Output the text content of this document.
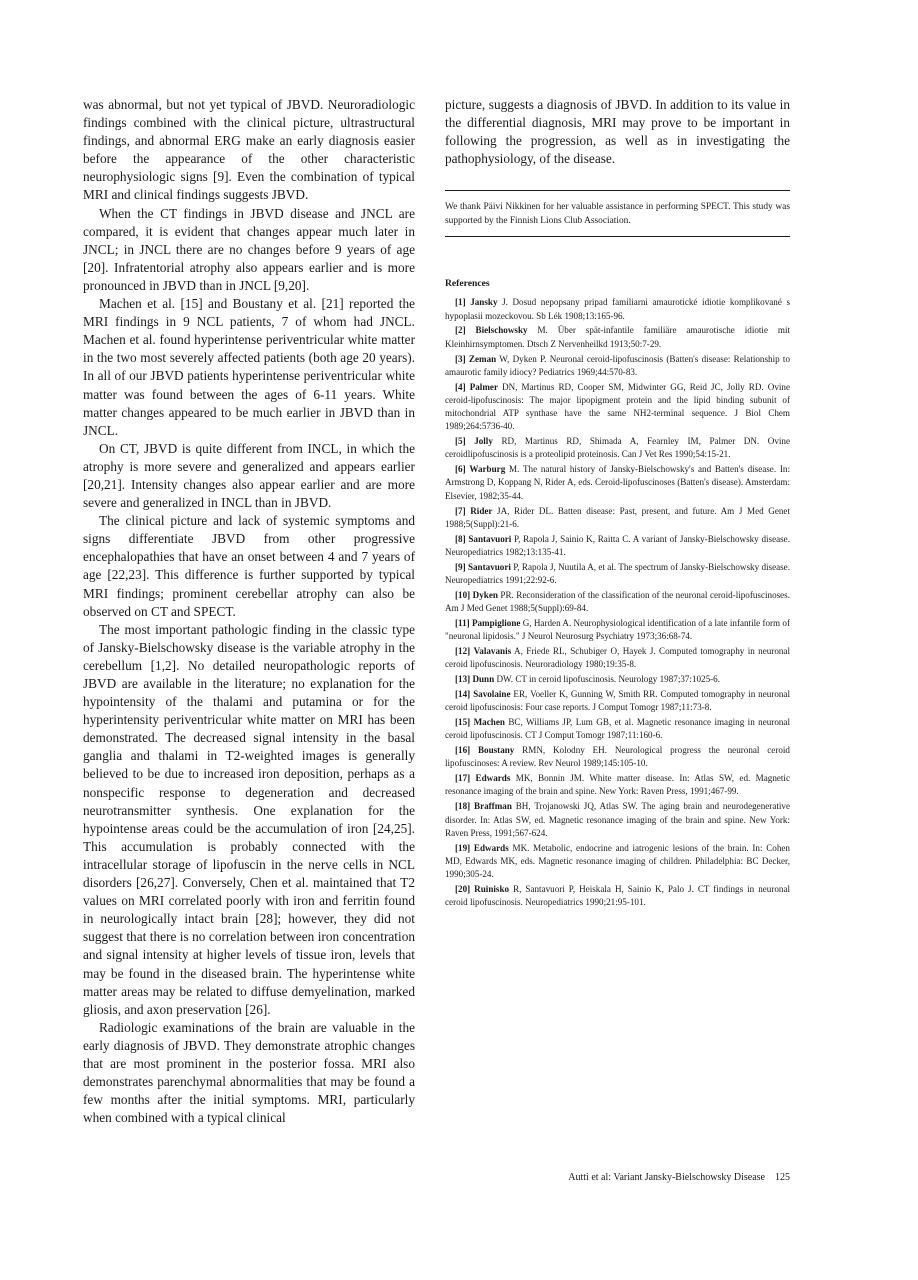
was abnormal, but not yet typical of JBVD. Neuroradiologic findings combined with the clinical picture, ultrastructural findings, and abnormal ERG make an early diagnosis easier before the appearance of the other characteristic neurophysiologic signs [9]. Even the combination of typical MRI and clinical findings suggests JBVD.

When the CT findings in JBVD disease and JNCL are compared, it is evident that changes appear much later in JNCL; in JNCL there are no changes before 9 years of age [20]. Infratentorial atrophy also appears earlier and is more pronounced in JBVD than in JNCL [9,20].

Machen et al. [15] and Boustany et al. [21] reported the MRI findings in 9 NCL patients, 7 of whom had JNCL. Machen et al. found hyperintense periventricular white matter in the two most severely affected patients (both age 20 years). In all of our JBVD patients hyperintense periventricular white matter was found between the ages of 6-11 years. White matter changes appeared to be much earlier in JBVD than in JNCL.

On CT, JBVD is quite different from INCL, in which the atrophy is more severe and generalized and appears earlier [20,21]. Intensity changes also appear earlier and are more severe and generalized in INCL than in JBVD.

The clinical picture and lack of systemic symptoms and signs differentiate JBVD from other progressive encephalopathies that have an onset between 4 and 7 years of age [22,23]. This difference is further supported by typical MRI findings; prominent cerebellar atrophy can also be observed on CT and SPECT.

The most important pathologic finding in the classic type of Jansky-Bielschowsky disease is the variable atrophy in the cerebellum [1,2]. No detailed neuropathologic reports of JBVD are available in the literature; no explanation for the hypointensity of the thalami and putamina or for the hyperintensity periventricular white matter on MRI has been demonstrated. The decreased signal intensity in the basal ganglia and thalami in T2-weighted images is generally believed to be due to increased iron deposition, perhaps as a nonspecific response to degeneration and decreased neurotransmitter synthesis. One explanation for the hypointense areas could be the accumulation of iron [24,25]. This accumulation is probably connected with the intracellular storage of lipofuscin in the nerve cells in NCL disorders [26,27]. Conversely, Chen et al. maintained that T2 values on MRI correlated poorly with iron and ferritin found in neurologically intact brain [28]; however, they did not suggest that there is no correlation between iron concentration and signal intensity at higher levels of tissue iron, levels that may be found in the diseased brain. The hyperintense white matter areas may be related to diffuse demyelination, marked gliosis, and axon preservation [26].

Radiologic examinations of the brain are valuable in the early diagnosis of JBVD. They demonstrate atrophic changes that are most prominent in the posterior fossa. MRI also demonstrates parenchymal abnormalities that may be found a few months after the initial symptoms. MRI, particularly when combined with a typical clinical

picture, suggests a diagnosis of JBVD. In addition to its value in the differential diagnosis, MRI may prove to be important in following the progression, as well as in investigating the pathophysiology, of the disease.

We thank Päivi Nikkinen for her valuable assistance in performing SPECT. This study was supported by the Finnish Lions Club Association.
References

[1] Jansky J. Dosud nepopsany pripad familiarni amaurotické idiotie komplikované s hypoplasii mozeckovou. Sb Lék 1908;13:165-96.

[2] Bielschowsky M. Über spät-infantile familiäre amaurotische idiotie mit Kleinhirnsymptomen. Dtsch Z Nervenheilkd 1913;50:7-29.

[3] Zeman W, Dyken P. Neuronal ceroid-lipofuscinosis (Batten's disease: Relationship to amaurotic family idiocy? Pediatrics 1969;44:570-83.

[4] Palmer DN, Martinus RD, Cooper SM, Midwinter GG, Reid JC, Jolly RD. Ovine ceroid-lipofuscinosis: The major lipopigment protein and the lipid binding subunit of mitochondrial ATP synthase have the same NH2-terminal sequence. J Biol Chem 1989;264:5736-40.

[5] Jolly RD, Martinus RD, Shimada A, Fearnley IM, Palmer DN. Ovine ceroidlipofuscinosis is a proteolipid proteinosis. Can J Vet Res 1990;54:15-21.

[6] Warburg M. The natural history of Jansky-Bielschowsky's and Batten's disease. In: Armstrong D, Koppang N, Rider A, eds. Ceroid-lipofuscinoses (Batten's disease). Amsterdam: Elsevier, 1982;35-44.

[7] Rider JA, Rider DL. Batten disease: Past, present, and future. Am J Med Genet 1988;5(Suppl):21-6.

[8] Santavuori P, Rapola J, Sainio K, Raitta C. A variant of Jansky-Bielschowsky disease. Neuropediatrics 1982;13:135-41.

[9] Santavuori P, Rapola J, Nuutila A, et al. The spectrum of Jansky-Bielschowsky disease. Neuropediatrics 1991;22:92-6.

[10] Dyken PR. Reconsideration of the classification of the neuronal ceroid-lipofuscinoses. Am J Med Genet 1988;5(Suppl):69-84.

[11] Pampiglione G, Harden A. Neurophysiological identification of a late infantile form of "neuronal lipidosis." J Neurol Neurosurg Psychiatry 1973;36:68-74.

[12] Valavanis A, Friede RL, Schubiger O, Hayek J. Computed tomography in neuronal ceroid lipofuscinosis. Neuroradiology 1980;19:35-8.

[13] Dunn DW. CT in ceroid lipofuscinosis. Neurology 1987;37:1025-6.

[14] Savolaine ER, Voeller K, Gunning W, Smith RR. Computed tomography in neuronal ceroid lipofuscinosis: Four case reports. J Comput Tomogr 1987;11:73-8.

[15] Machen BC, Williams JP, Lum GB, et al. Magnetic resonance imaging in neuronal ceroid lipofuscinosis. CT J Comput Tomogr 1987;11:160-6.

[16] Boustany RMN, Kolodny EH. Neurological progress the neuronal ceroid lipofuscinoses: A review. Rev Neurol 1989;145:105-10.

[17] Edwards MK, Bonnin JM. White matter disease. In: Atlas SW, ed. Magnetic resonance imaging of the brain and spine. New York: Raven Press, 1991;467-99.

[18] Braffman BH, Trojanowski JQ, Atlas SW. The aging brain and neurodegenerative disorder. In: Atlas SW, ed. Magnetic resonance imaging of the brain and spine. New York: Raven Press, 1991;567-624.

[19] Edwards MK. Metabolic, endocrine and iatrogenic lesions of the brain. In: Cohen MD, Edwards MK, eds. Magnetic resonance imaging of children. Philadelphia: BC Decker, 1990;305-24.

[20] Ruinisko R, Santavuori P, Heiskala H, Sainio K, Palo J. CT findings in neuronal ceroid lipofuscinosis. Neuropediatrics 1990;21:95-101.

Autti et al: Variant Jansky-Bielschowsky Disease 125
